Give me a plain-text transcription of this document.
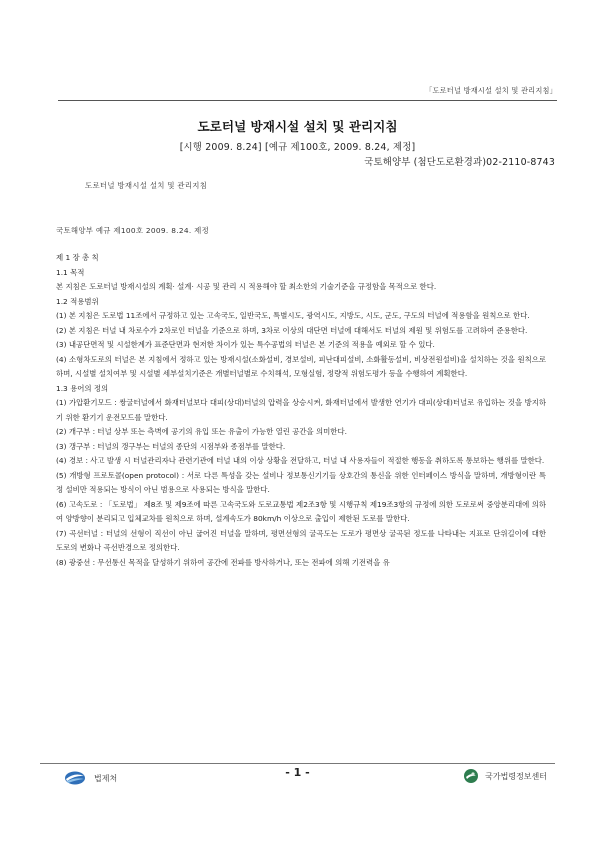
「도로터널 방재시설 설치 및 관리지침」
도로터널 방재시설 설치 및 관리지침
[시행 2009. 8.24] [예규 제100호, 2009. 8.24, 제정]
국토해양부 (첨단도로환경과)02-2110-8743
도로터널 방재시설 설치 및 관리지침
국토해양부 예규 제100호 2009. 8.24. 제정

제 1 장 총 칙

1.1 목적

본 지침은 도로터널 방재시설의 계획· 설계· 시공 및 관리 시 적용해야 할 최소한의 기술기준을 규정함을 목적으로 한다.

1.2 적용범위

(1) 본 지침은 도로법 11조에서 규정하고 있는 고속국도, 일반국도, 특별시도, 광역시도, 지방도, 시도, 군도, 구도의 터널에 적용함을 원칙으로 한다.

(2) 본 지침은 터널 내 차로수가 2차로인 터널을 기준으로 하며, 3차로 이상의 대단면 터널에 대해서도 터널의 제원 및 위험도를 고려하여 준용한다.

(3) 내공단면적 및 시설한계가 표준단면과 현저한 차이가 있는 특수공법의 터널은 본 기준의 적용을 예외로 할 수 있다.

(4) 소형차도로의 터널은 본 지침에서 정하고 있는 방재시설(소화설비, 경보설비, 피난대피설비, 소화활동설비, 비상전원설비)을 설치하는 것을 원칙으로 하며, 시설별 설치여부 및 시설별 세부설치기준은 개별터널별로 수치해석, 모형실험, 정량적 위험도평가 등을 수행하여 계획한다.

1.3 용어의 정의

(1) 가압환기모드 : 쌍굴터널에서 화재터널보다 대피(상대)터널의 압력을 상승시켜, 화재터널에서 발생한 연기가 대피(상대)터널로 유입하는 것을 방지하기 위한 환기기 운전모드를 말한다.

(2) 개구부 : 터널 상부 또는 측벽에 공기의 유입 또는 유출이 가능한 열린 공간을 의미한다.

(3) 갱구부 : 터널의 갱구부는 터널의 종단의 시점부와 종점부를 말한다.

(4) 경보 : 사고 발생 시 터널관리자나 관련기관에 터널 내의 이상 상황을 전달하고, 터널 내 사용자들이 적절한 행동을 취하도록 통보하는 행위를 말한다.

(5) 개방형 프로토콜(open protocol) : 서로 다른 특성을 갖는 설비나 정보통신기기들 상호간의 통신을 위한 인터페이스 방식을 말하며, 개방형이란 특정 설비만 적용되는 방식이 아닌 범용으로 사용되는 방식을 말한다.

(6) 고속도로 : 「도로법」 제8조 및 제9조에 따른 고속국도와 도로교통법 제2조3항 및 시행규칙 제19조3항의 규정에 의한 도로로써 중앙분리대에 의하여 양방향이 분리되고 입체교차를 원칙으로 하며, 설계속도가 80km/h 이상으로 출입이 제한된 도로를 말한다.

(7) 곡선터널 : 터널의 선형이 직선이 아닌 굽어진 터널을 말하며, 평면선형의 굴곡도는 도로가 평면상 굴곡된 정도를 나타내는 지표로 단위길이에 대한 도로의 변화나 곡선반경으로 정의한다.

(8) 광중선 : 무선통신 목적을 달성하기 위하여 공간에 전파를 방사하거나, 또는 전파에 의해 기전력을 유

법제처	- 1 -	국가법령정보센터
